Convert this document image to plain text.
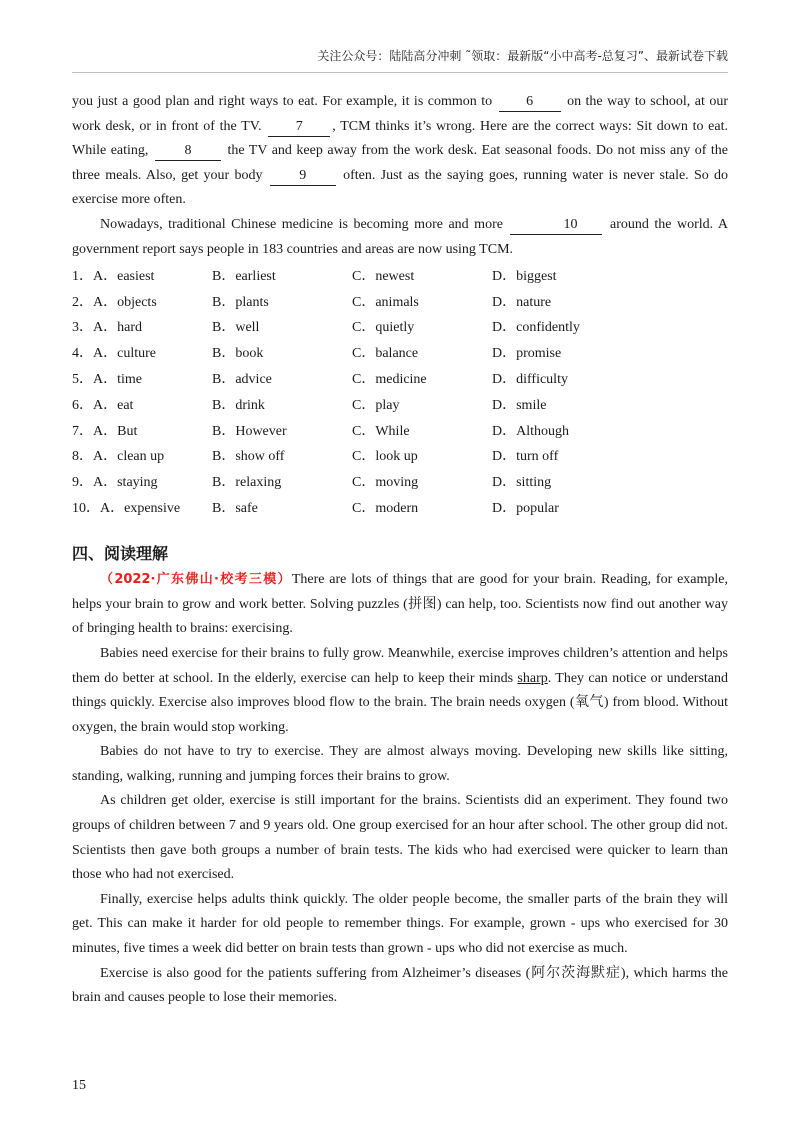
关注公众号：陆陆高分冲刺 ˜领取：最新版“小中高考-总复习”、最新试卷下载

you just a good plan and right ways to eat. For example, it is common to 6 on the way to school, at our work desk, or in front of the TV. 7 , TCM thinks it’s wrong. Here are the correct ways: Sit down to eat. While eating,	8	the TV and keep away from the work desk. Eat seasonal foods. Do not miss any of the three meals. Also, get your body	9	often. Just as the saying goes, running water is never stale. So do exercise more often.

Nowadays, traditional Chinese medicine is becoming more and more	10 around the world. A government report says people in 183 countries and areas are now using TCM.

1．A．easiest	B．earliest	C．newest	D．biggest
2．A．objects	B．plants	C．animals	D．nature
3．A．hard	B．well	C．quietly	D．confidently
4．A．culture	B．book	C．balance	D．promise
5．A．time	B．advice	C．medicine	D．difficulty
6．A．eat	B．drink	C．play	D．smile
7．A．But	B．However	C．While	D．Although
8．A．clean up	B．show off	C．look up	D．turn off
9．A．staying	B．relaxing	C．moving	D．sitting
10．A．expensive	B．safe	C．modern	D．popular
四、阅读理解

（2022·广东佛山·校考三模）There are lots of things that are good for your brain. Reading, for example, helps your brain to grow and work better. Solving puzzles (拼图) can help, too. Scientists now find out another way of bringing health to brains: exercising.

Babies need exercise for their brains to fully grow. Meanwhile, exercise improves children’s attention and helps them do better at school. In the elderly, exercise can help to keep their minds sharp. They can notice or understand things quickly. Exercise also improves blood flow to the brain. The brain needs oxygen (氧气) from blood. Without oxygen, the brain would stop working.

Babies do not have to try to exercise. They are almost always moving. Developing new skills like sitting, standing, walking, running and jumping forces their brains to grow.

As children get older, exercise is still important for the brains. Scientists did an experiment. They found two groups of children between 7 and 9 years old. One group exercised for an hour after school. The other group did not. Scientists then gave both groups a number of brain tests. The kids who had exercised were quicker to learn than those who had not exercised.

Finally, exercise helps adults think quickly. The older people become, the smaller parts of the brain they will get. This can make it harder for old people to remember things. For example, grown - ups who exercised for 30 minutes, five times a week did better on brain tests than grown - ups who did not exercise as much.

Exercise is also good for the patients suffering from Alzheimer’s diseases (阿尔茨海默症), which harms the brain and causes people to lose their memories.

15
